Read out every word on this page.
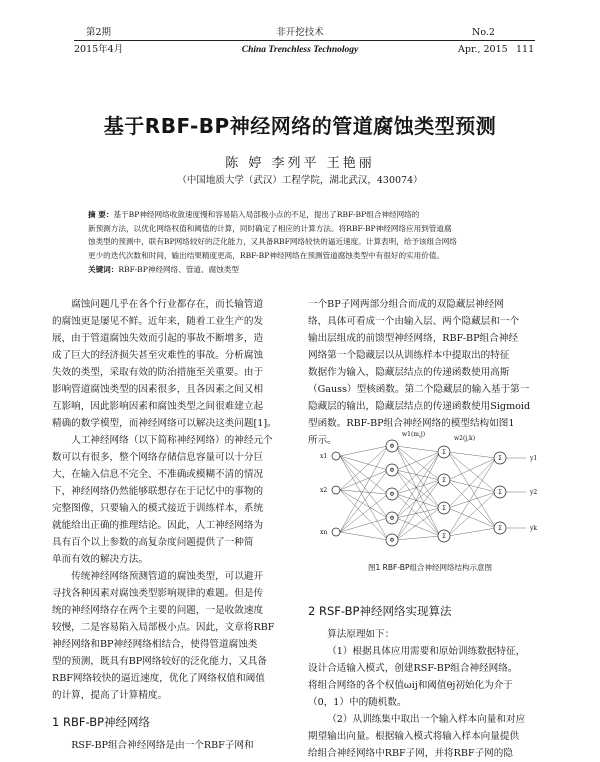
第2期
2015年4月
非开挖技术
China Trenchless Technology
No.2
Apr., 2015 111
基于RBF-BP神经网络的管道腐蚀类型预测
陈 婷 李列平 王艳丽
（中国地质大学（武汉）工程学院，湖北武汉，430074）
摘 要：基于BP神经网络收敛速度慢和容易陷入局部极小点的不足，提出了RBF-BP组合神经网络的
新预测方法，以优化网络权值和阈值的计算，同时确定了相应的计算方法。将RBF-BP神经网络应用到管道腐
蚀类型的预测中，联有BP网络较好的泛化能力，又具备RBF网络较快的逼近速度。计算表明，给予该组合网络
更少的迭代次数和时间，输出结果精度更高，RBF-BP神经网络在预测管道腐蚀类型中有很好的实用价值。
关键词：RBF-BP神经网络、管道、腐蚀类型
腐蚀问题几乎在各个行业都存在，而长输管道
的腐蚀更是屡见不鲜。近年来，随着工业生产的发
展，由于管道腐蚀失效而引起的事故不断增多，造
成了巨大的经济损失甚至灾难性的事故。分析腐蚀
失效的类型，采取有效的防治措施至关重要。由于
影响管道腐蚀类型的因素很多，且各因素之间又相
互影响，因此影响因素和腐蚀类型之间很难建立起
精确的数学模型，而神经网络可以解决这类问题[1]。
人工神经网络（以下简称神经网络）的神经元个
数可以有很多，整个网络存储信息容量可以十分巨
大，在输入信息不完全、不准确或模糊不清的情况
下，神经网络仍然能够联想存在于记忆中的事物的
完整图像，只要输入的模式接近于训练样本，系统
就能给出正确的推理结论。因此，人工神经网络为
具有百个以上参数的高复杂度问题提供了一种简
单而有效的解决方法。
传统神经网络预测管道的腐蚀类型，可以避开
寻找各种因素对腐蚀类型影响规律的难题。但是传
统的神经网络存在两个主要的问题，一是收敛速度
较慢，二是容易陷入局部极小点。因此，文章将RBF
神经网络和BP神经网络相结合，使得管道腐蚀类
型的预测，既具有BP网络较好的泛化能力，又具备
RBF网络较快的逼近速度，优化了网络权值和阈值
的计算，提高了计算精度。
1 RBF-BP神经网络
RSF-BP组合神经网络是由一个RBF子网和
一个BP子网两部分组合而成的双隐藏层神经网
络，具体可看成一个由输入层、两个隐藏层和一个
输出层组成的前馈型神经网络，RBF-BP组合神经
网络第一个隐藏层以从训练样本中提取出的特征
数据作为输入，隐藏层结点的传递函数使用高斯
（Gauss）型核函数。第二个隐藏层的输入基于第一
隐藏层的输出，隐藏层结点的传递函数使用Sigmoid
型函数。RBF-BP组合神经网络的模型结构如图1
所示。
Φ
Φ
Φ
Φ
Φ
Σ
Σ
Σ
Σ
Σ
Σ
Σ
x1
x2
xn
y1
y2
yk
w1(m,j)
w2(j,k)
图1 RBF-BP组合神经网络结构示意图
2 RSF-BP神经网络实现算法
算法原理如下：
（1）根据具体应用需要和原始训练数据特征，
设计合适输入模式，创建RSF-BP组合神经网络。
将组合网络的各个权值ωij和阈值θj初始化为介于
（0，1）中的随机数。
（2）从训练集中取出一个输入样本向量和对应
期望输出向量。根据输入模式将输入样本向量提供
给组合神经网络中RBF子网，并将RBF子网的隐
